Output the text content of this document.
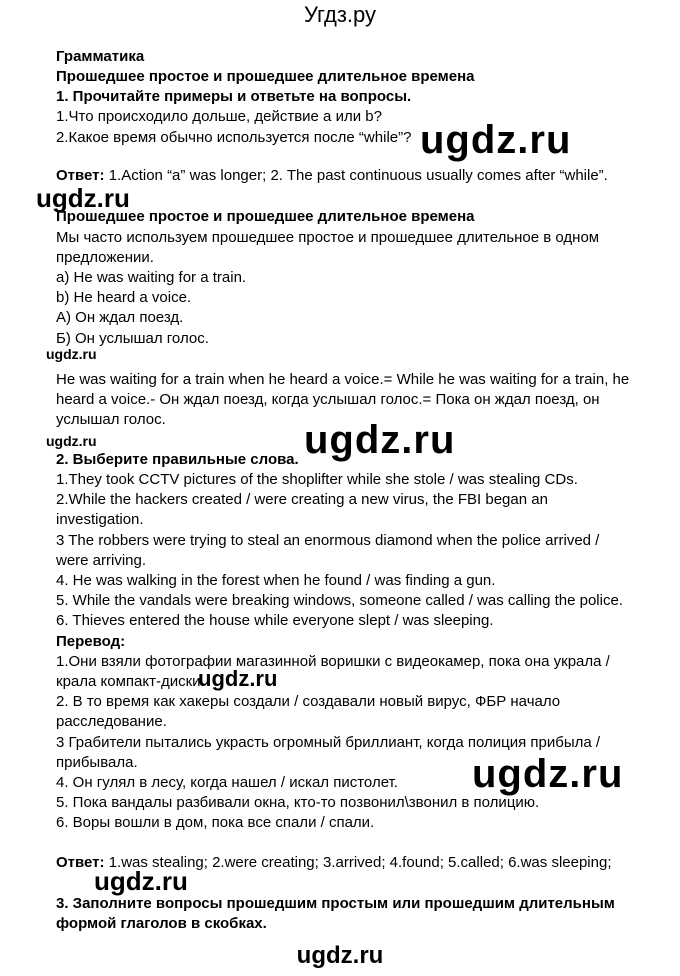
Угдз.ру
Грамматика
Прошедшее простое и прошедшее длительное времена
1. Прочитайте примеры и ответьте на вопросы.
1.Что происходило дольше, действие а или b?
2.Какое время обычно используется после “while”? ugdz.ru
Ответ: 1.Action “a” was longer; 2. The past continuous usually comes after “while”.
ugdz.ru
Прошедшее простое и прошедшее длительное времена
Мы часто используем прошедшее простое и прошедшее длительное в одном
предложении.
a) He was waiting for a train.
b) He heard a voice.
А) Он ждал поезд.
Б) Он услышал голос.
ugdz.ru
He was waiting for a train when he heard a voice.= While he was waiting for a train, he
heard a voice.- Он ждал поезд, когда услышал голос.= Пока он ждал поезд, он
услышал голос.
ugdz.ru	ugdz.ru
2. Выберите правильные слова.
1.They took CCTV pictures of the shoplifter while she stole / was stealing CDs.
2.While the hackers created / were creating a new virus, the FBI began an
investigation.
3 The robbers were trying to steal an enormous diamond when the police arrived /
were arriving.
4. He was walking in the forest when he found / was finding a gun.
5. While the vandals were breaking windows, someone called / was calling the police.
6. Thieves entered the house while everyone slept / was sleeping.
Перевод:
1.Они взяли фотографии магазинной воришки с видеокамер, пока она украла /
крала компакт-диски.
ugdz.ru
2. В то время как хакеры создали / создавали новый вирус, ФБР начало
расследование.
3 Грабители пытались украсть огромный бриллиант, когда полиция прибыла /
прибывала.
4. Он гулял в лесу, когда нашел / искал пистолет. ugdz.ru
5. Пока вандалы разбивали окна, кто-то позвонил\звонил в полицию.
6. Воры вошли в дом, пока все спали / спали.
Ответ: 1.was stealing; 2.were creating; 3.arrived; 4.found; 5.called; 6.was sleeping;
ugdz.ru
3. Заполните вопросы прошедшим простым или прошедшим длительным
формой глаголов в скобках.
ugdz.ru
